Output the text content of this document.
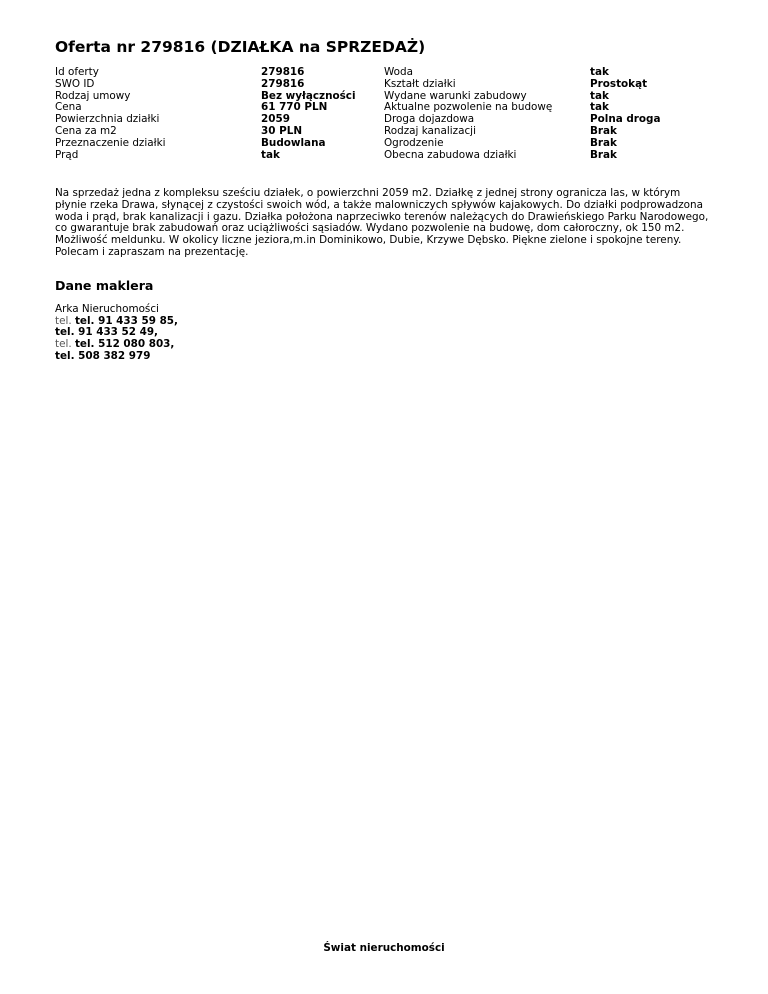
Oferta nr 279816 (DZIAŁKA na SPRZEDAŻ)
Id oferty
SWO ID
Rodzaj umowy
Cena
Powierzchnia działki
Cena za m2
Przeznaczenie działki
Prąd
279816
279816
Bez wyłączności
61 770 PLN
2059
30 PLN
Budowlana
tak
Woda
Kształt działki
Wydane warunki zabudowy
Aktualne pozwolenie na budowę
Droga dojazdowa
Rodzaj kanalizacji
Ogrodzenie
Obecna zabudowa działki
tak
Prostokąt
tak
tak
Polna droga
Brak
Brak
Brak

Na sprzedaż jedna z kompleksu sześciu działek, o powierzchni 2059 m2. Działkę z jednej strony ogranicza las, w którym płynie rzeka Drawa, słynącej z czystości swoich wód, a także malowniczych spływów kajakowych. Do działki podprowadzona woda i prąd, brak kanalizacji i gazu. Działka położona naprzeciwko terenów należących do Drawieńskiego Parku Narodowego, co gwarantuje brak zabudowań oraz uciążliwości sąsiadów. Wydano pozwolenie na budowę, dom całoroczny, ok 150 m2. Możliwość meldunku. W okolicy liczne jeziora,m.in Dominikowo, Dubie, Krzywe Dębsko. Piękne zielone i spokojne tereny. Polecam i zapraszam na prezentację.

Dane maklera
Arka Nieruchomości
tel. tel. 91 433 59 85,
tel. 91 433 52 49,
tel. tel. 512 080 803,
tel. 508 382 979
Świat nieruchomości
